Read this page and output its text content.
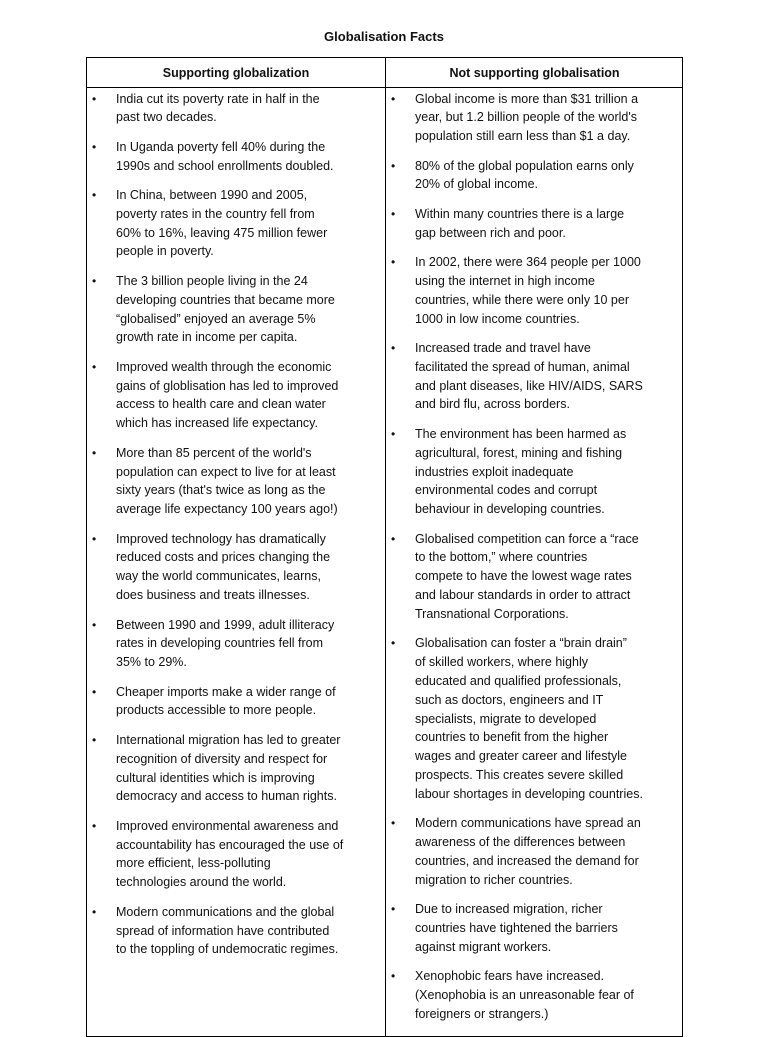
Globalisation Facts
Supporting globalization	Not supporting globalisation
• India cut its poverty rate in half in the
past two decades.
• In Uganda poverty fell 40% during the
1990s and school enrollments doubled.
• In China, between 1990 and 2005,
poverty rates in the country fell from
60% to 16%, leaving 475 million fewer
people in poverty.
• The 3 billion people living in the 24
developing countries that became more
“globalised” enjoyed an average 5%
growth rate in income per capita.
• Improved wealth through the economic
gains of globlisation has led to improved
access to health care and clean water
which has increased life expectancy.
• More than 85 percent of the world's
population can expect to live for at least
sixty years (that's twice as long as the
average life expectancy 100 years ago!)
• Improved technology has dramatically
reduced costs and prices changing the
way the world communicates, learns,
does business and treats illnesses.
• Between 1990 and 1999, adult illiteracy
rates in developing countries fell from
35% to 29%.
• Cheaper imports make a wider range of
products accessible to more people.
• International migration has led to greater
recognition of diversity and respect for
cultural identities which is improving
democracy and access to human rights.
• Improved environmental awareness and
accountability has encouraged the use of
more efficient, less-polluting
technologies around the world.
• Modern communications and the global
spread of information have contributed
to the toppling of undemocratic regimes.
• Global income is more than $31 trillion a
year, but 1.2 billion people of the world's
population still earn less than $1 a day.
• 80% of the global population earns only
20% of global income.
• Within many countries there is a large
gap between rich and poor.
• In 2002, there were 364 people per 1000
using the internet in high income
countries, while there were only 10 per
1000 in low income countries.
• Increased trade and travel have
facilitated the spread of human, animal
and plant diseases, like HIV/AIDS, SARS
and bird flu, across borders.
• The environment has been harmed as
agricultural, forest, mining and fishing
industries exploit inadequate
environmental codes and corrupt
behaviour in developing countries.
• Globalised competition can force a “race
to the bottom,” where countries
compete to have the lowest wage rates
and labour standards in order to attract
Transnational Corporations.
• Globalisation can foster a “brain drain”
of skilled workers, where highly
educated and qualified professionals,
such as doctors, engineers and IT
specialists, migrate to developed
countries to benefit from the higher
wages and greater career and lifestyle
prospects. This creates severe skilled
labour shortages in developing countries.
• Modern communications have spread an
awareness of the differences between
countries, and increased the demand for
migration to richer countries.
• Due to increased migration, richer
countries have tightened the barriers
against migrant workers.
• Xenophobic fears have increased.
(Xenophobia is an unreasonable fear of
foreigners or strangers.)
